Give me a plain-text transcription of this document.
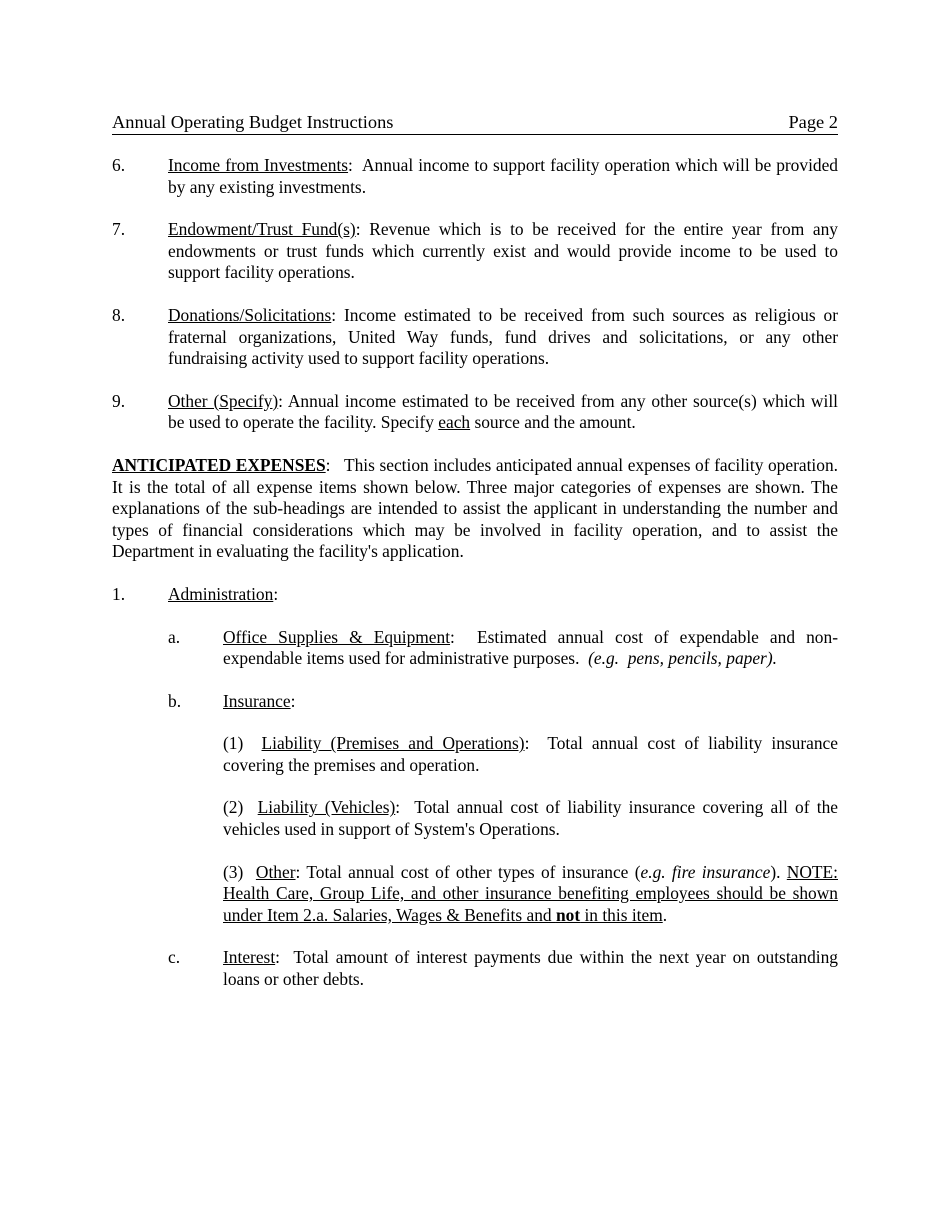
Annual Operating Budget Instructions	Page 2
6. Income from Investments:  Annual income to support facility operation which will be provided by any existing investments.
7. Endowment/Trust Fund(s): Revenue which is to be received for the entire year from any endowments or trust funds which currently exist and would provide income to be used to support facility operations.
8. Donations/Solicitations: Income estimated to be received from such sources as religious or fraternal organizations, United Way funds, fund drives and solicitations, or any other fundraising activity used to support facility operations.
9. Other (Specify): Annual income estimated to be received from any other source(s) which will be used to operate the facility. Specify each source and the amount.
ANTICIPATED EXPENSES:   This section includes anticipated annual expenses of facility operation. It is the total of all expense items shown below. Three major categories of expenses are shown. The explanations of the sub-headings are intended to assist the applicant in understanding the number and types of financial considerations which may be involved in facility operation, and to assist the Department in evaluating the facility's application.
1. Administration:
a. Office Supplies & Equipment:  Estimated annual cost of expendable and non-expendable items used for administrative purposes.  (e.g.  pens, pencils, paper).
b. Insurance:
(1)  Liability (Premises and Operations):  Total annual cost of liability insurance covering the premises and operation.
(2)  Liability (Vehicles):  Total annual cost of liability insurance covering all of the vehicles used in support of System's Operations.
(3)  Other: Total annual cost of other types of insurance (e.g. fire insurance). NOTE: Health Care, Group Life, and other insurance benefiting employees should be shown under Item 2.a. Salaries, Wages & Benefits and not in this item.
c. Interest:  Total amount of interest payments due within the next year on outstanding loans or other debts.
